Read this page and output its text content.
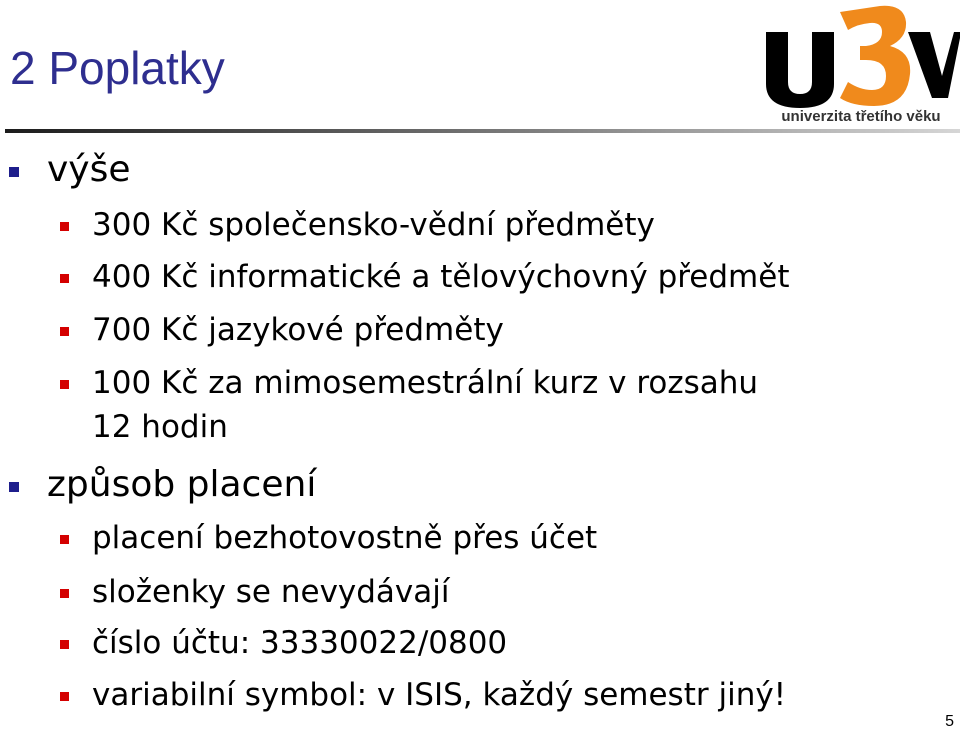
2 Poplatky
univerzita třetího věku
výše
300 Kč společensko-vědní předměty
400 Kč informatické a tělovýchovný předmět
700 Kč jazykové předměty
100 Kč za mimosemestrální kurz v rozsahu
12 hodin
způsob placení
placení bezhotovostně přes účet
složenky se nevydávají
číslo účtu: 33330022/0800
variabilní symbol: v ISIS, každý semestr jiný!
5
